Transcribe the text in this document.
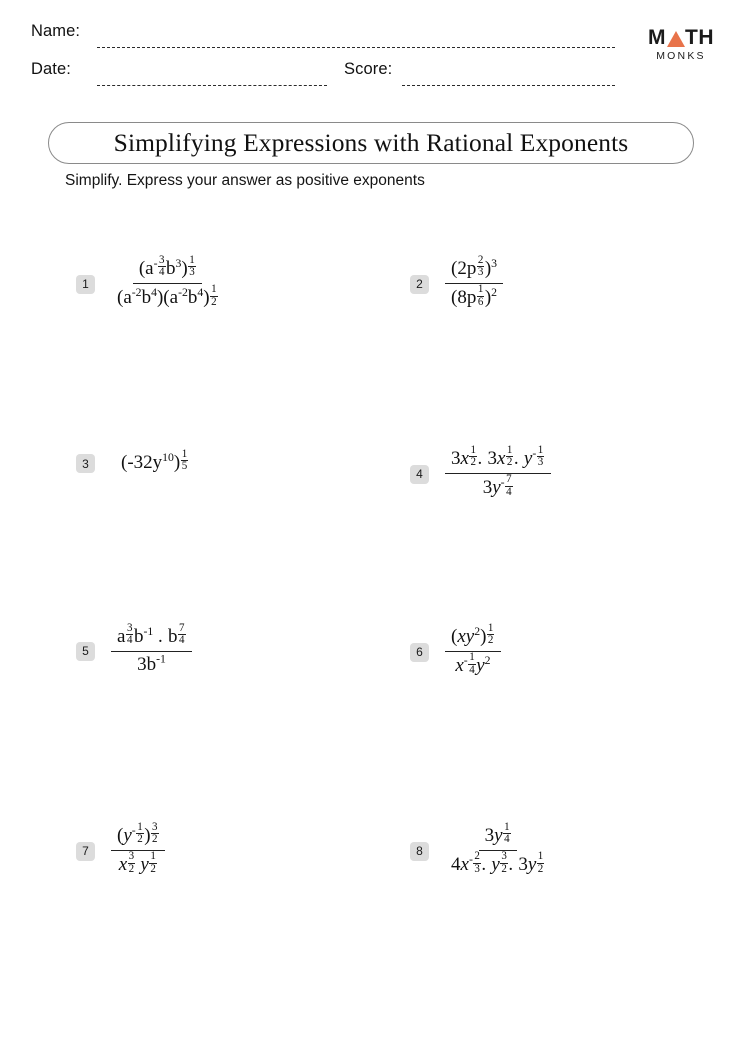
Name:
Date:	Score:
M TH
MONKS
Simplifying Expressions with Rational Exponents
Simplify. Express your answer as positive exponents
1	$\frac{(a^- \frac{3}{4} b^3) \frac{1}{3}}{(a^{-2}b^4)(a^{-2}b^4) \frac{1}{2}}$	2	$\frac{(2p \frac{2}{3} )^3}{(8p \frac{1}{6} )^2}$
3	$(-32y^{10}) \frac{1}{5}$
4	$\frac{3x \frac{1}{2} . 3x \frac{1}{2} . y^- \frac{1}{3}}{3y^- \frac{7}{4}}$
5	$\frac{a \frac{3}{4} b^{-1} . b \frac{7}{4}}{3b^{-1}}$	6	$\frac{(xy^2) \frac{1}{2}}{x^- \frac{1}{4} y^2}$
7	$\frac{(y^- \frac{1}{2} ) \frac{3}{2}}{x \frac{3}{2} y \frac{1}{2}}$	8	$\frac{3y \frac{1}{4}}{4x^- \frac{2}{3} . y \frac{3}{2} . 3y \frac{1}{2}}$
